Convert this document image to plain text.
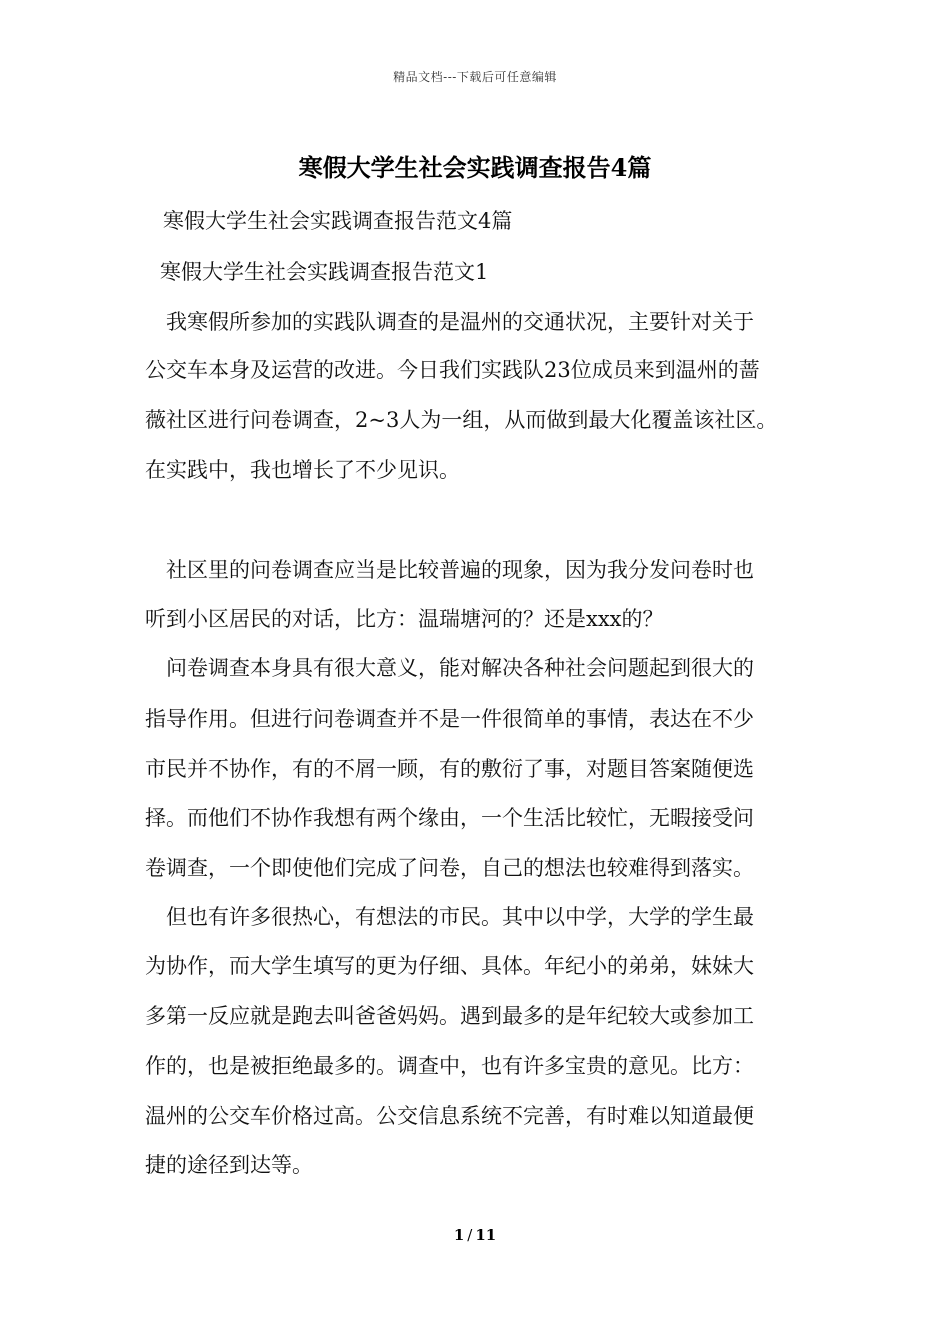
精品文档---下载后可任意编辑
寒假大学生社会实践调查报告4篇
寒假大学生社会实践调查报告范文4篇
寒假大学生社会实践调查报告范文1
我寒假所参加的实践队调查的是温州的交通状况，主要针对关于
公交车本身及运营的改进。今日我们实践队23位成员来到温州的蔷
薇社区进行问卷调查，2~3人为一组，从而做到最大化覆盖该社区。
在实践中，我也增长了不少见识。
社区里的问卷调查应当是比较普遍的现象，因为我分发问卷时也
听到小区居民的对话，比方：温瑞塘河的？还是xxx的？
问卷调查本身具有很大意义，能对解决各种社会问题起到很大的
指导作用。但进行问卷调查并不是一件很简单的事情，表达在不少
市民并不协作，有的不屑一顾，有的敷衍了事，对题目答案随便选
择。而他们不协作我想有两个缘由，一个生活比较忙，无暇接受问
卷调查，一个即使他们完成了问卷，自己的想法也较难得到落实。
但也有许多很热心，有想法的市民。其中以中学，大学的学生最
为协作，而大学生填写的更为仔细、具体。年纪小的弟弟，妹妹大
多第一反应就是跑去叫爸爸妈妈。遇到最多的是年纪较大或参加工
作的，也是被拒绝最多的。调查中，也有许多宝贵的意见。比方：
温州的公交车价格过高。公交信息系统不完善，有时难以知道最便
捷的途径到达等。
1 / 11
